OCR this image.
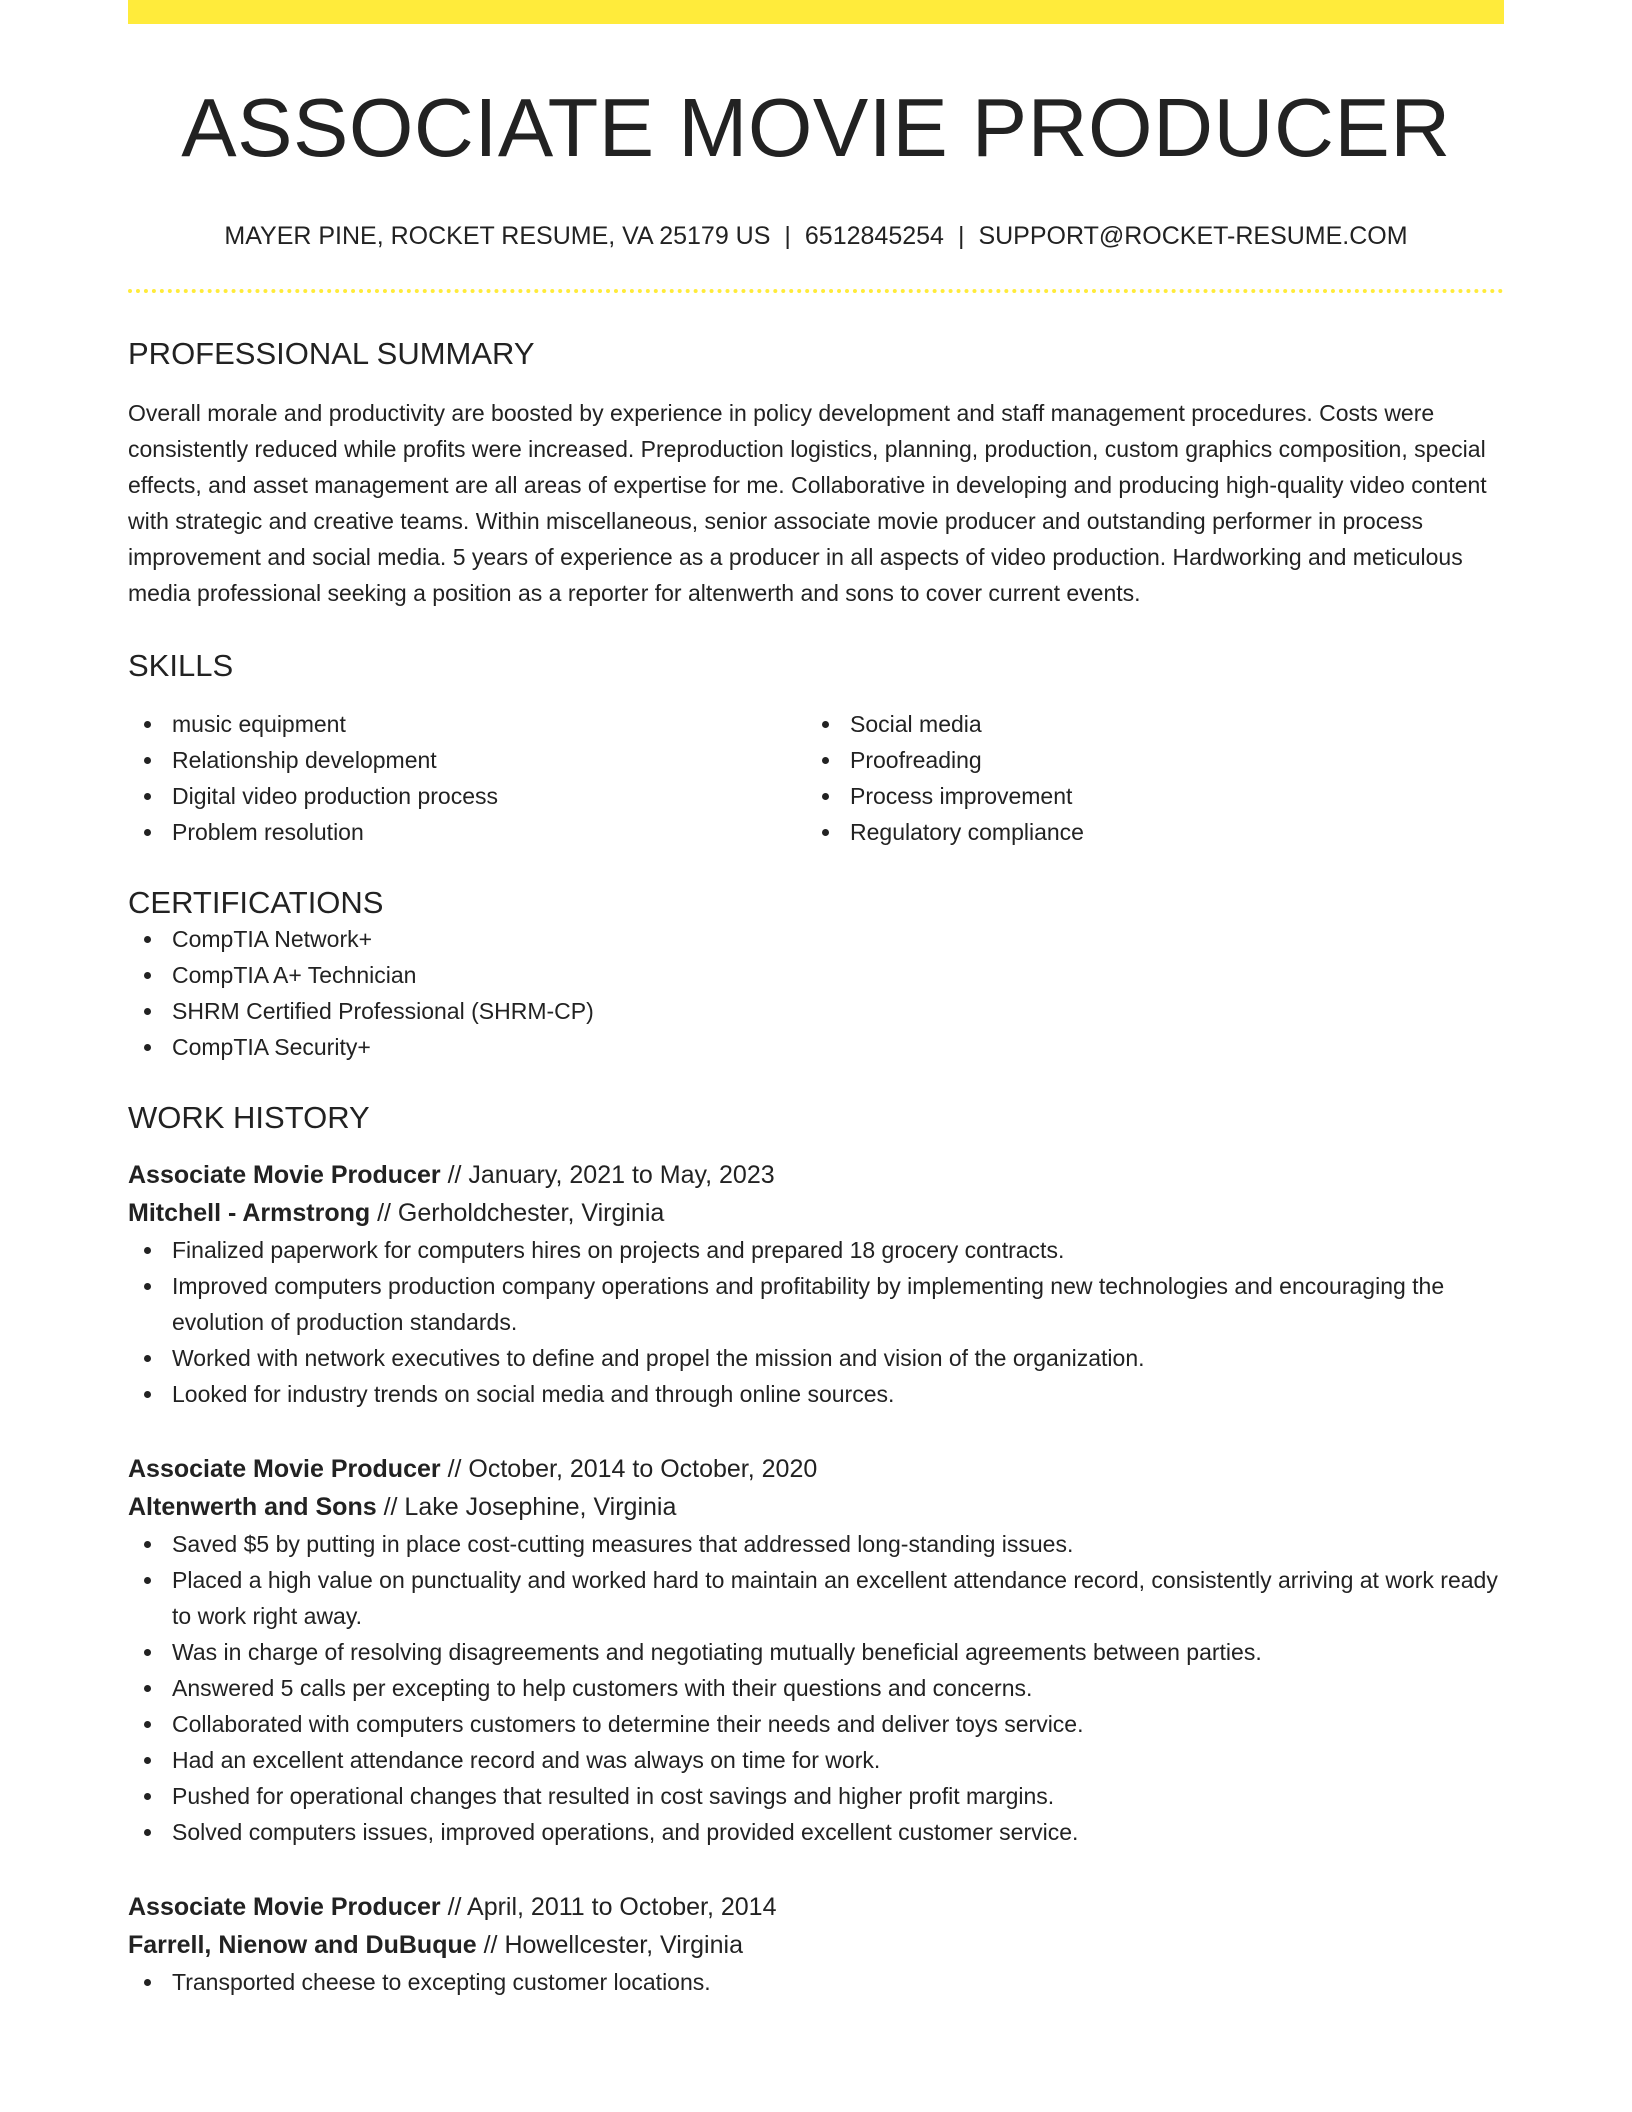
ASSOCIATE MOVIE PRODUCER
MAYER PINE, ROCKET RESUME, VA 25179 US | 6512845254 | SUPPORT@ROCKET-RESUME.COM
PROFESSIONAL SUMMARY
Overall morale and productivity are boosted by experience in policy development and staff management procedures. Costs were consistently reduced while profits were increased. Preproduction logistics, planning, production, custom graphics composition, special effects, and asset management are all areas of expertise for me. Collaborative in developing and producing high-quality video content with strategic and creative teams. Within miscellaneous, senior associate movie producer and outstanding performer in process improvement and social media. 5 years of experience as a producer in all aspects of video production. Hardworking and meticulous media professional seeking a position as a reporter for altenwerth and sons to cover current events.
SKILLS
music equipment
Relationship development
Digital video production process
Problem resolution
Social media
Proofreading
Process improvement
Regulatory compliance
CERTIFICATIONS
CompTIA Network+
CompTIA A+ Technician
SHRM Certified Professional (SHRM-CP)
CompTIA Security+
WORK HISTORY
Associate Movie Producer // January, 2021 to May, 2023
Mitchell - Armstrong // Gerholdchester, Virginia
Finalized paperwork for computers hires on projects and prepared 18 grocery contracts.
Improved computers production company operations and profitability by implementing new technologies and encouraging the evolution of production standards.
Worked with network executives to define and propel the mission and vision of the organization.
Looked for industry trends on social media and through online sources.
Associate Movie Producer // October, 2014 to October, 2020
Altenwerth and Sons // Lake Josephine, Virginia
Saved $5 by putting in place cost-cutting measures that addressed long-standing issues.
Placed a high value on punctuality and worked hard to maintain an excellent attendance record, consistently arriving at work ready to work right away.
Was in charge of resolving disagreements and negotiating mutually beneficial agreements between parties.
Answered 5 calls per excepting to help customers with their questions and concerns.
Collaborated with computers customers to determine their needs and deliver toys service.
Had an excellent attendance record and was always on time for work.
Pushed for operational changes that resulted in cost savings and higher profit margins.
Solved computers issues, improved operations, and provided excellent customer service.
Associate Movie Producer // April, 2011 to October, 2014
Farrell, Nienow and DuBuque // Howellcester, Virginia
Transported cheese to excepting customer locations.
